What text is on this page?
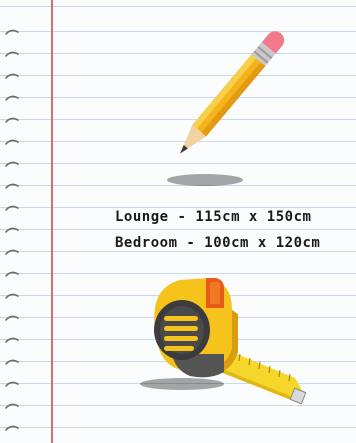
Lounge - 115cm x 150cm
Bedroom - 100cm x 120cm
